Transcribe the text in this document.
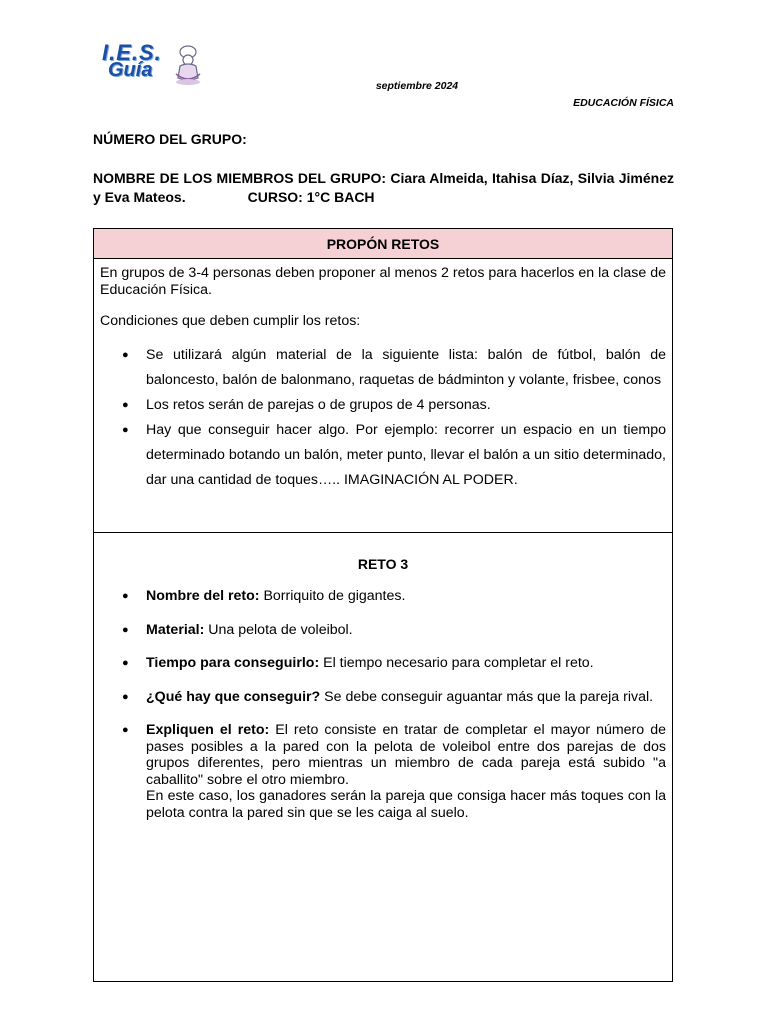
I.E.S.
Guía
septiembre 2024
EDUCACIÓN FÍSICA
NÚMERO DEL GRUPO:
NOMBRE DE LOS MIEMBROS DEL GRUPO: Ciara Almeida, Itahisa Díaz, Silvia Jiménez y Eva Mateos.	CURSO: 1°C BACH
PROPÓN RETOS

En grupos de 3-4 personas deben proponer al menos 2 retos para hacerlos en la clase de Educación Física.

Condiciones que deben cumplir los retos:

● Se utilizará algún material de la siguiente lista: balón de fútbol, balón de baloncesto, balón de balonmano, raquetas de bádminton y volante, frisbee, conos
● Los retos serán de parejas o de grupos de 4 personas.
● Hay que conseguir hacer algo. Por ejemplo: recorrer un espacio en un tiempo determinado botando un balón, meter punto, llevar el balón a un sitio determinado, dar una cantidad de toques….. IMAGINACIÓN AL PODER.
RETO 3
● Nombre del reto: Borriquito de gigantes.
● Material: Una pelota de voleibol.
● Tiempo para conseguirlo: El tiempo necesario para completar el reto.
● ¿Qué hay que conseguir? Se debe conseguir aguantar más que la pareja rival.
● Expliquen el reto: El reto consiste en tratar de completar el mayor número de pases posibles a la pared con la pelota de voleibol entre dos parejas de dos grupos diferentes, pero mientras un miembro de cada pareja está subido "a caballito" sobre el otro miembro.
En este caso, los ganadores serán la pareja que consiga hacer más toques con la pelota contra la pared sin que se les caiga al suelo.
